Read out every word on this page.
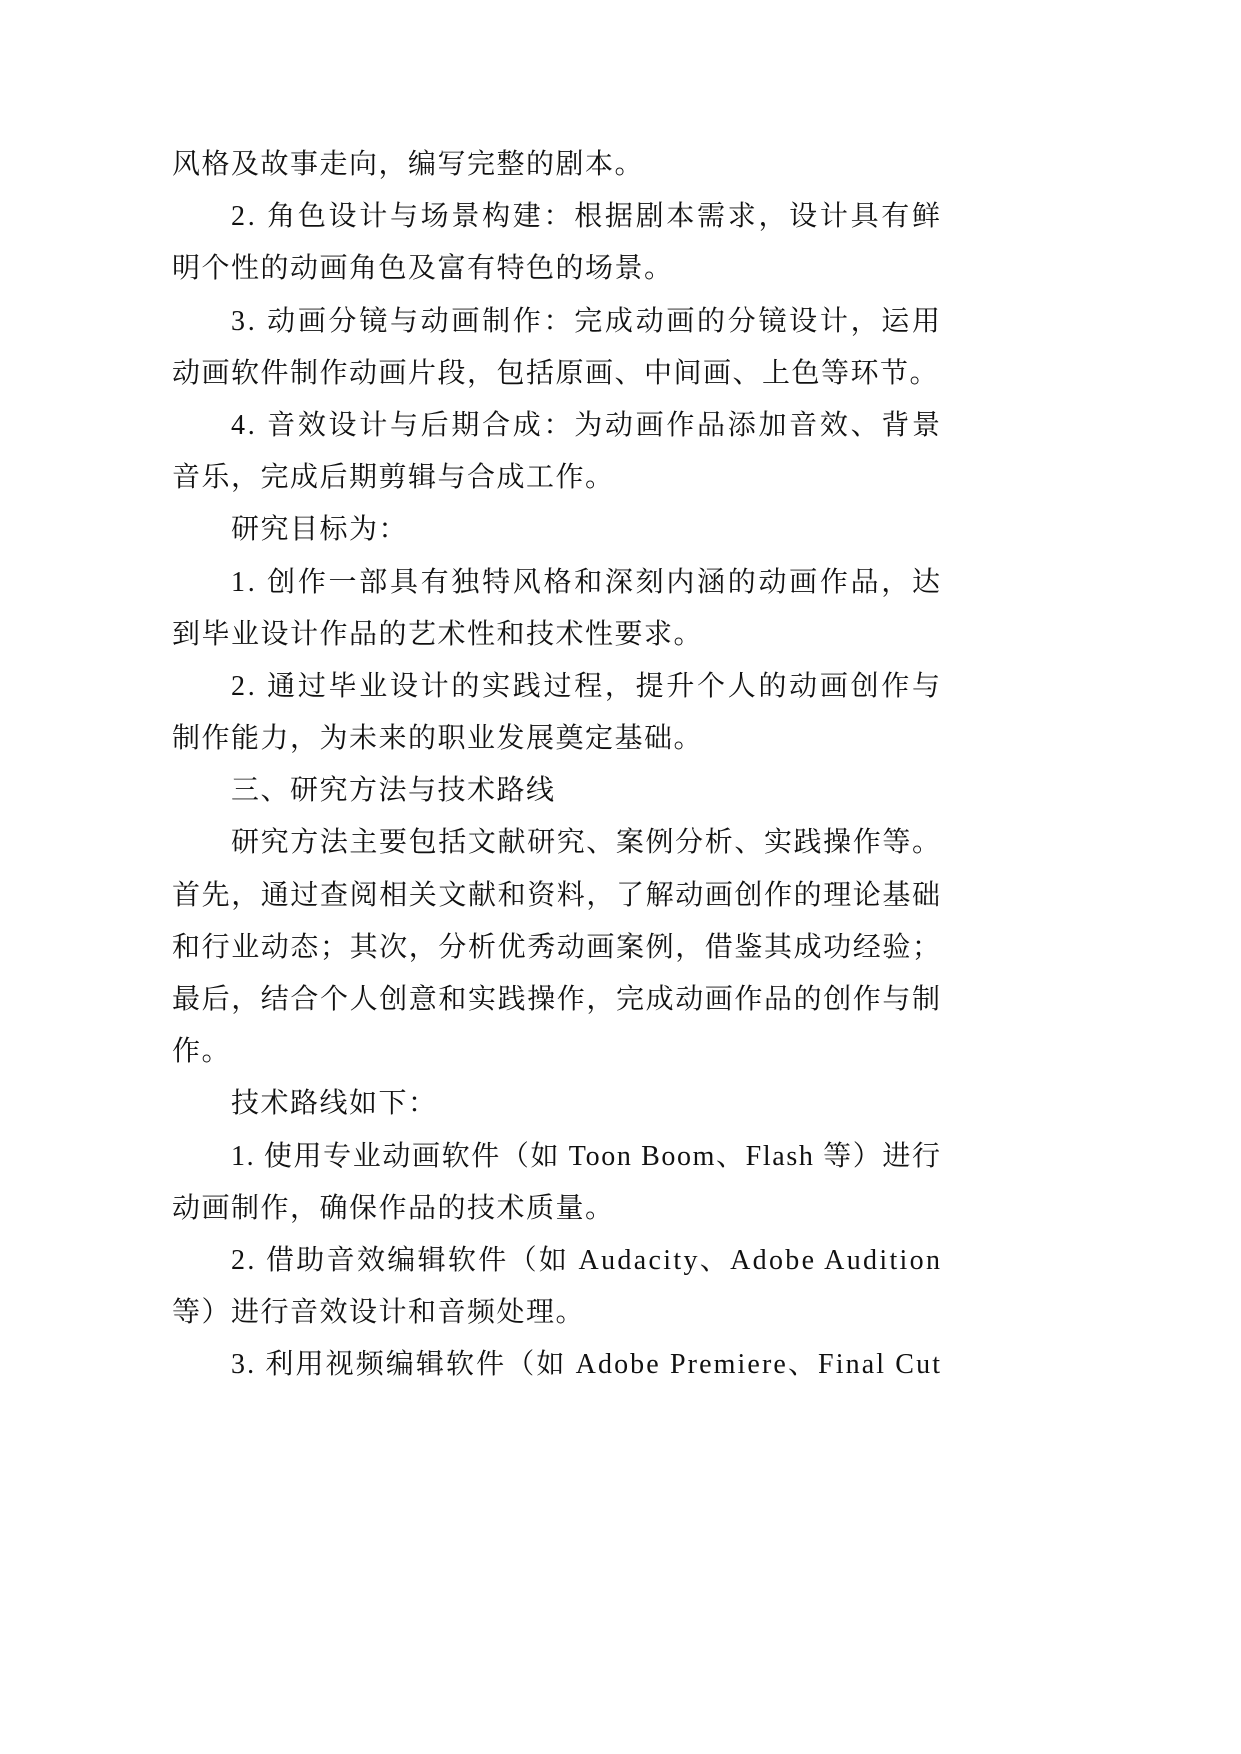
风格及故事走向，编写完整的剧本。
2. 角色设计与场景构建：根据剧本需求，设计具有鲜
明个性的动画角色及富有特色的场景。
3. 动画分镜与动画制作：完成动画的分镜设计，运用
动画软件制作动画片段，包括原画、中间画、上色等环节。
4. 音效设计与后期合成：为动画作品添加音效、背景
音乐，完成后期剪辑与合成工作。
研究目标为：
1. 创作一部具有独特风格和深刻内涵的动画作品，达
到毕业设计作品的艺术性和技术性要求。
2. 通过毕业设计的实践过程，提升个人的动画创作与
制作能力，为未来的职业发展奠定基础。
三、研究方法与技术路线
研究方法主要包括文献研究、案例分析、实践操作等。
首先，通过查阅相关文献和资料，了解动画创作的理论基础
和行业动态；其次，分析优秀动画案例，借鉴其成功经验；
最后，结合个人创意和实践操作，完成动画作品的创作与制
作。
技术路线如下：
1. 使用专业动画软件（如 Toon Boom、Flash 等）进行
动画制作，确保作品的技术质量。
2. 借助音效编辑软件（如 Audacity、Adobe Audition
等）进行音效设计和音频处理。
3. 利用视频编辑软件（如 Adobe Premiere、Final Cut
